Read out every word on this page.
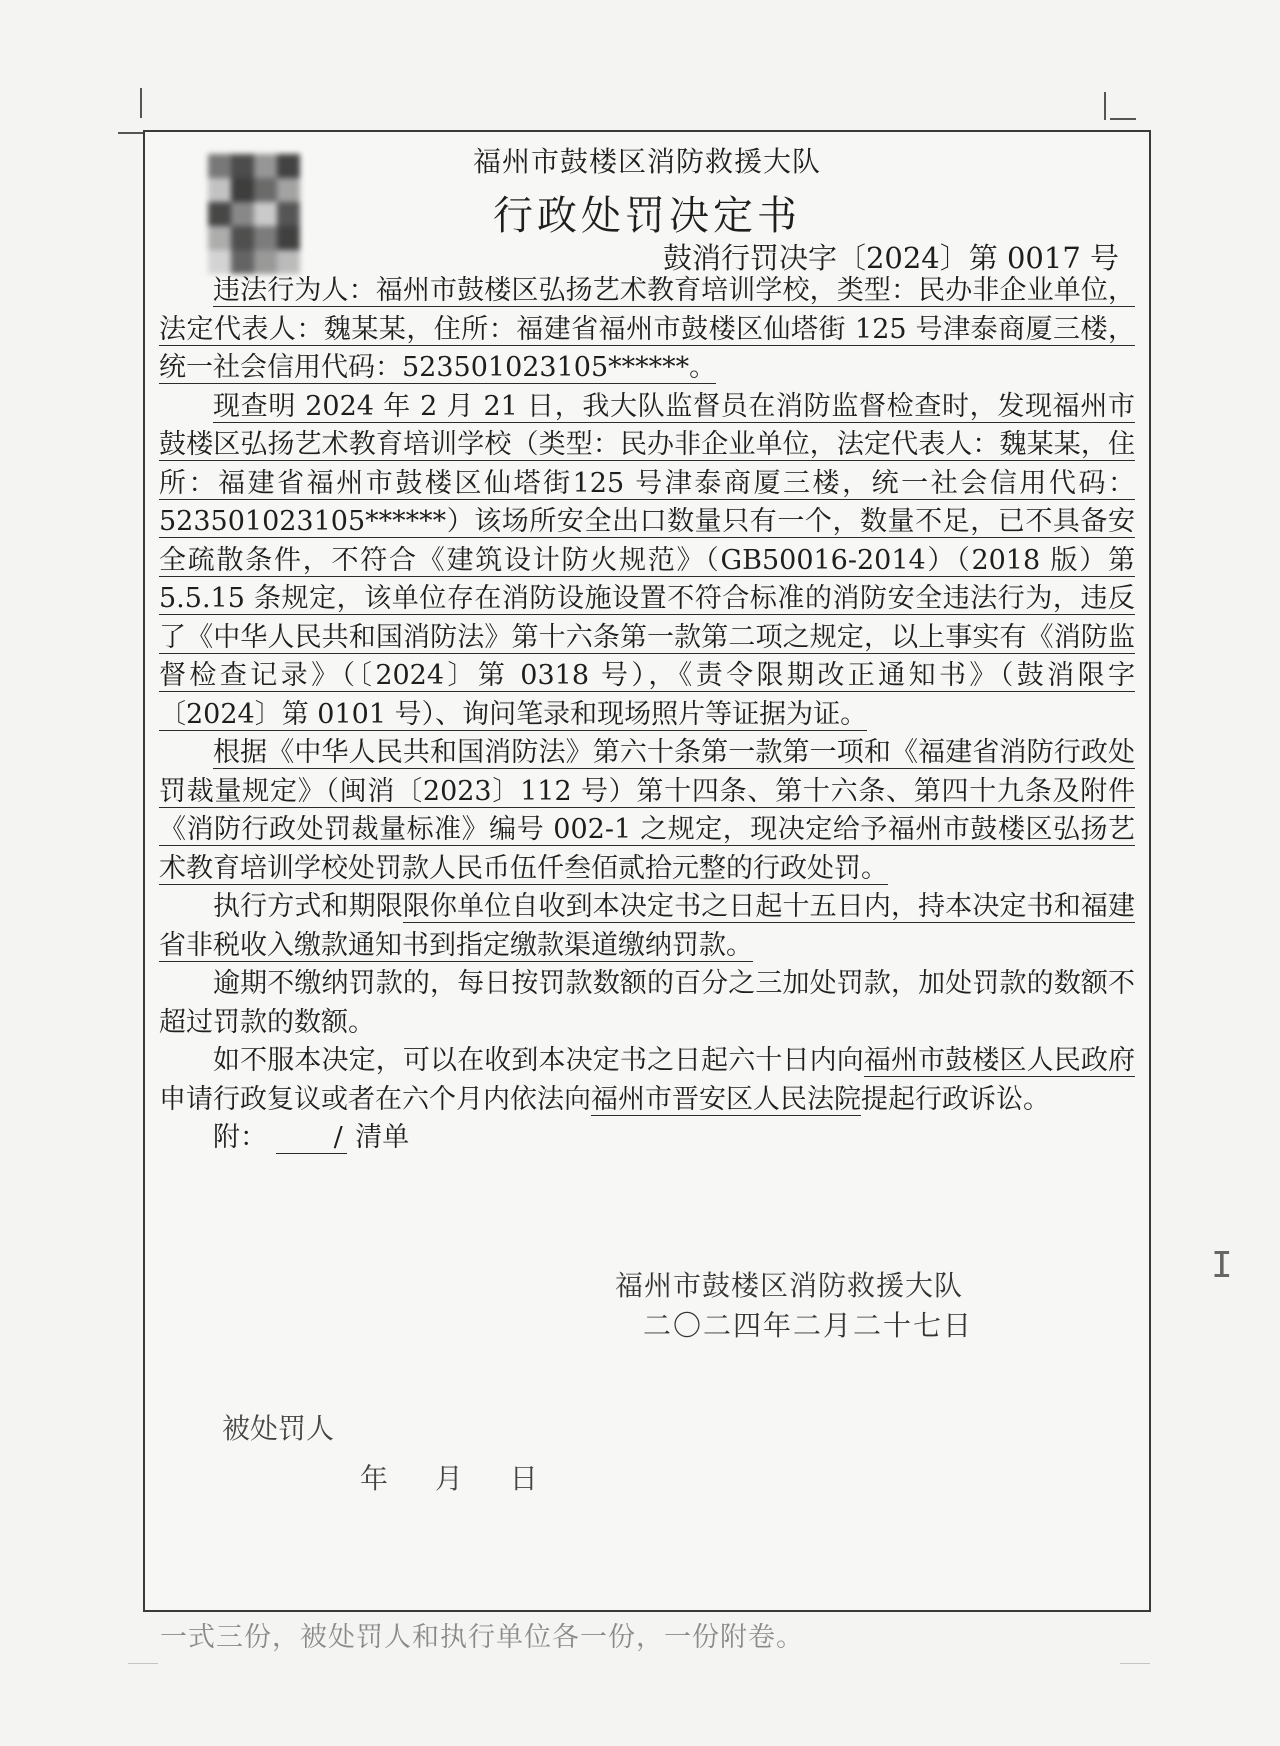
福州市鼓楼区消防救援大队
行政处罚决定书
鼓消行罚决字〔2024〕第 0017 号

违法行为人：福州市鼓楼区弘扬艺术教育培训学校，类型：民办非企业单位，法定代表人：魏某某，住所：福建省福州市鼓楼区仙塔街 125 号津泰商厦三楼，统一社会信用代码：523501023105******。

现查明 2024 年 2 月 21 日，我大队监督员在消防监督检查时，发现福州市鼓楼区弘扬艺术教育培训学校（类型：民办非企业单位，法定代表人：魏某某，住所：福建省福州市鼓楼区仙塔街125 号津泰商厦三楼，统一社会信用代码：523501023105******）该场所安全出口数量只有一个，数量不足，已不具备安全疏散条件，不符合《建筑设计防火规范》（GB50016-2014）（2018 版）第 5.5.15 条规定，该单位存在消防设施设置不符合标准的消防安全违法行为，违反了《中华人民共和国消防法》第十六条第一款第二项之规定，以上事实有《消防监督检查记录》（〔2024〕第 0318 号），《责令限期改正通知书》（鼓消限字〔2024〕第 0101 号）、询问笔录和现场照片等证据为证。

根据《中华人民共和国消防法》第六十条第一款第一项和《福建省消防行政处罚裁量规定》（闽消〔2023〕112 号）第十四条、第十六条、第四十九条及附件《消防行政处罚裁量标准》编号 002-1 之规定，现决定给予福州市鼓楼区弘扬艺术教育培训学校处罚款人民币伍仟叁佰贰拾元整的行政处罚。

执行方式和期限限你单位自收到本决定书之日起十五日内，持本决定书和福建省非税收入缴款通知书到指定缴款渠道缴纳罚款。

逾期不缴纳罚款的，每日按罚款数额的百分之三加处罚款，加处罚款的数额不超过罚款的数额。

如不服本决定，可以在收到本决定书之日起六十日内向福州市鼓楼区人民政府申请行政复议或者在六个月内依法向福州市晋安区人民法院提起行政诉讼。

附： / 清单

福州市鼓楼区消防救援大队
二〇二四年二月二十七日
被处罚人
年 月 日
一式三份，被处罚人和执行单位各一份，一份附卷。
I
